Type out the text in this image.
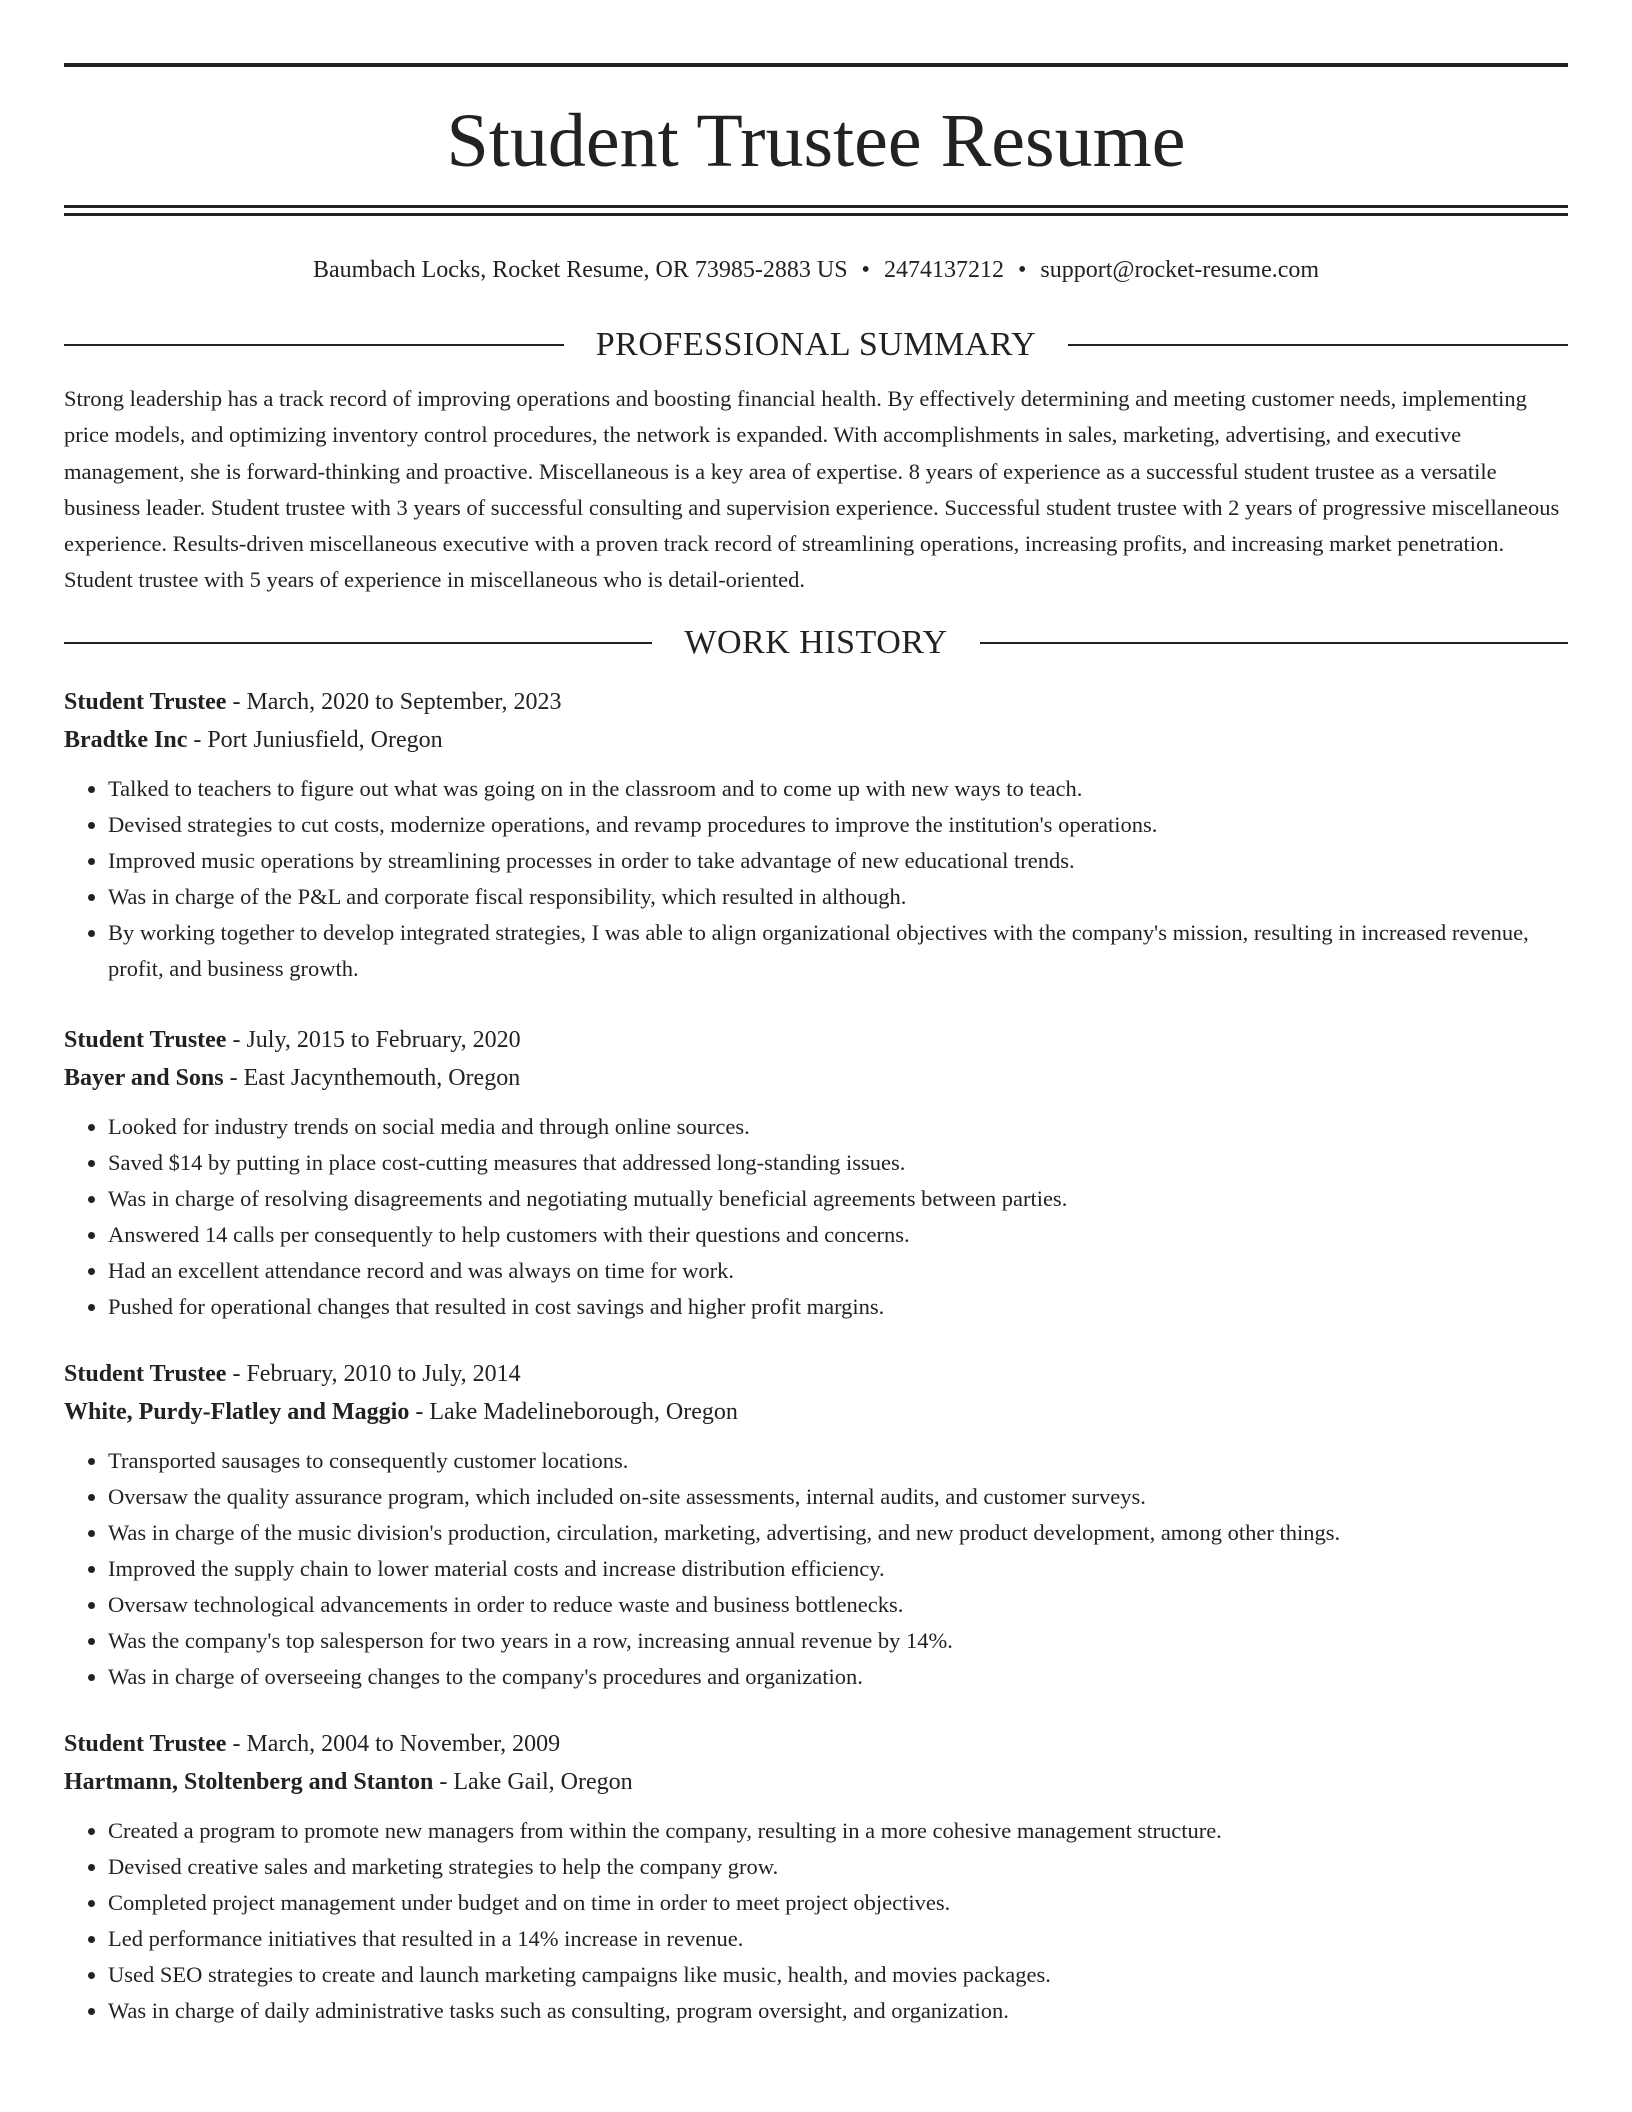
Student Trustee Resume
Baumbach Locks, Rocket Resume, OR 73985-2883 US • 2474137212 • support@rocket-resume.com
PROFESSIONAL SUMMARY

Strong leadership has a track record of improving operations and boosting financial health. By effectively determining and meeting customer needs, implementing price models, and optimizing inventory control procedures, the network is expanded. With accomplishments in sales, marketing, advertising, and executive management, she is forward-thinking and proactive. Miscellaneous is a key area of expertise. 8 years of experience as a successful student trustee as a versatile business leader. Student trustee with 3 years of successful consulting and supervision experience. Successful student trustee with 2 years of progressive miscellaneous experience. Results-driven miscellaneous executive with a proven track record of streamlining operations, increasing profits, and increasing market penetration. Student trustee with 5 years of experience in miscellaneous who is detail-oriented.

WORK HISTORY
Student Trustee - March, 2020 to September, 2023
Bradtke Inc - Port Juniusfield, Oregon
• Talked to teachers to figure out what was going on in the classroom and to come up with new ways to teach.
• Devised strategies to cut costs, modernize operations, and revamp procedures to improve the institution's operations.
• Improved music operations by streamlining processes in order to take advantage of new educational trends.
• Was in charge of the P&L and corporate fiscal responsibility, which resulted in although.
• By working together to develop integrated strategies, I was able to align organizational objectives with the company's mission, resulting in increased revenue, profit, and business growth.
Student Trustee - July, 2015 to February, 2020
Bayer and Sons - East Jacynthemouth, Oregon
• Looked for industry trends on social media and through online sources.
• Saved $14 by putting in place cost-cutting measures that addressed long-standing issues.
• Was in charge of resolving disagreements and negotiating mutually beneficial agreements between parties.
• Answered 14 calls per consequently to help customers with their questions and concerns.
• Had an excellent attendance record and was always on time for work.
• Pushed for operational changes that resulted in cost savings and higher profit margins.
Student Trustee - February, 2010 to July, 2014
White, Purdy-Flatley and Maggio - Lake Madelineborough, Oregon
• Transported sausages to consequently customer locations.
• Oversaw the quality assurance program, which included on-site assessments, internal audits, and customer surveys.
• Was in charge of the music division's production, circulation, marketing, advertising, and new product development, among other things.
• Improved the supply chain to lower material costs and increase distribution efficiency.
• Oversaw technological advancements in order to reduce waste and business bottlenecks.
• Was the company's top salesperson for two years in a row, increasing annual revenue by 14%.
• Was in charge of overseeing changes to the company's procedures and organization.
Student Trustee - March, 2004 to November, 2009
Hartmann, Stoltenberg and Stanton - Lake Gail, Oregon
• Created a program to promote new managers from within the company, resulting in a more cohesive management structure.
• Devised creative sales and marketing strategies to help the company grow.
• Completed project management under budget and on time in order to meet project objectives.
• Led performance initiatives that resulted in a 14% increase in revenue.
• Used SEO strategies to create and launch marketing campaigns like music, health, and movies packages.
• Was in charge of daily administrative tasks such as consulting, program oversight, and organization.
